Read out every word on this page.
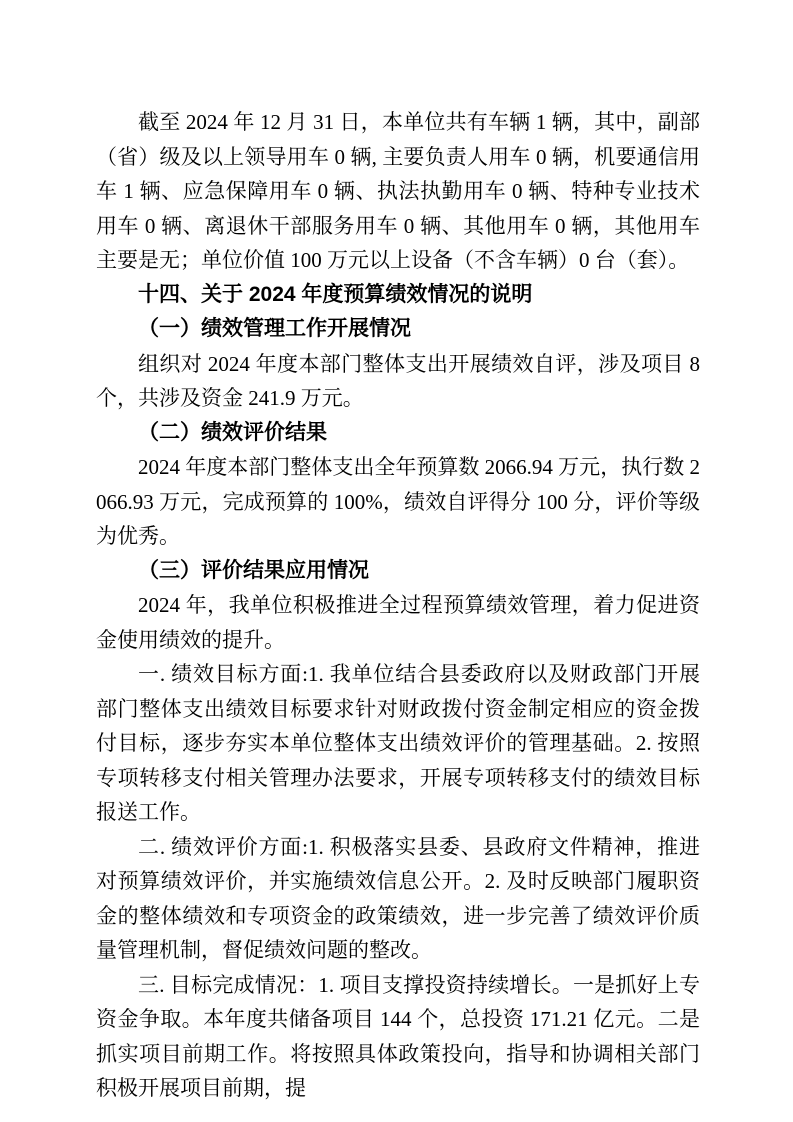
截至 2024 年 12 月 31 日，本单位共有车辆 1 辆，其中，副部（省）级及以上领导用车 0 辆, 主要负责人用车 0 辆，机要通信用车 1 辆、应急保障用车 0 辆、执法执勤用车 0 辆、特种专业技术用车 0 辆、离退休干部服务用车 0 辆、其他用车 0 辆，其他用车主要是无；单位价值 100 万元以上设备（不含车辆）0 台（套）。

十四、关于 2024 年度预算绩效情况的说明
（一）绩效管理工作开展情况

组织对 2024 年度本部门整体支出开展绩效自评，涉及项目 8 个，共涉及资金 241.9 万元。

（二）绩效评价结果

2024 年度本部门整体支出全年预算数 2066.94 万元，执行数 2066.93 万元，完成预算的 100%，绩效自评得分 100 分，评价等级为优秀。

（三）评价结果应用情况

2024 年，我单位积极推进全过程预算绩效管理，着力促进资金使用绩效的提升。

一. 绩效目标方面:1. 我单位结合县委政府以及财政部门开展部门整体支出绩效目标要求针对财政拨付资金制定相应的资金拨付目标，逐步夯实本单位整体支出绩效评价的管理基础。2. 按照专项转移支付相关管理办法要求，开展专项转移支付的绩效目标报送工作。

二. 绩效评价方面:1. 积极落实县委、县政府文件精神，推进对预算绩效评价，并实施绩效信息公开。2. 及时反映部门履职资金的整体绩效和专项资金的政策绩效，进一步完善了绩效评价质量管理机制，督促绩效问题的整改。

三. 目标完成情况：1. 项目支撑投资持续增长。一是抓好上专资金争取。本年度共储备项目 144 个，总投资 171.21 亿元。二是抓实项目前期工作。将按照具体政策投向，指导和协调相关部门积极开展项目前期，提
